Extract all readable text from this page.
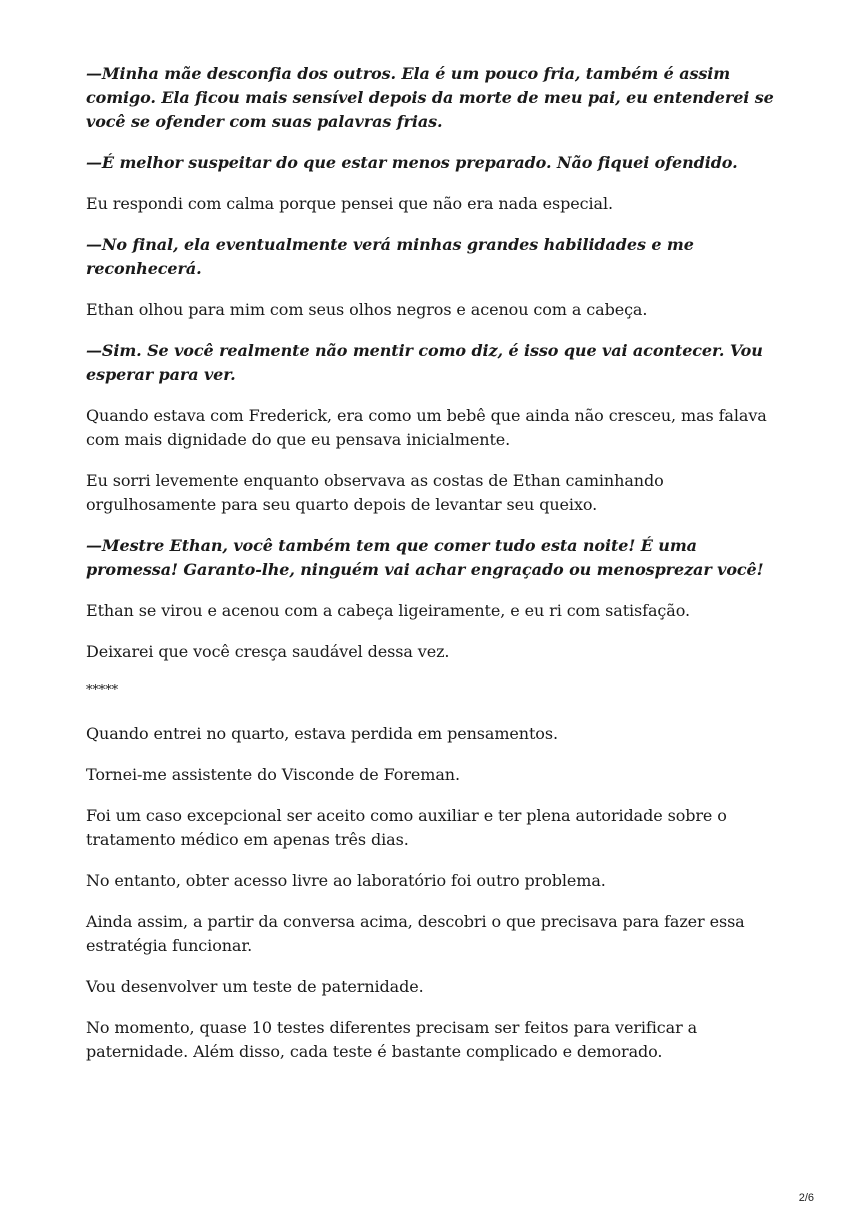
—Minha mãe desconfia dos outros. Ela é um pouco fria, também é assim comigo. Ela ficou mais sensível depois da morte de meu pai, eu entenderei se você se ofender com suas palavras frias.

—É melhor suspeitar do que estar menos preparado. Não fiquei ofendido.

Eu respondi com calma porque pensei que não era nada especial.

—No final, ela eventualmente verá minhas grandes habilidades e me reconhecerá.

Ethan olhou para mim com seus olhos negros e acenou com a cabeça.

—Sim. Se você realmente não mentir como diz, é isso que vai acontecer. Vou esperar para ver.

Quando estava com Frederick, era como um bebê que ainda não cresceu, mas falava com mais dignidade do que eu pensava inicialmente.

Eu sorri levemente enquanto observava as costas de Ethan caminhando orgulhosamente para seu quarto depois de levantar seu queixo.

—Mestre Ethan, você também tem que comer tudo esta noite! É uma promessa! Garanto-lhe, ninguém vai achar engraçado ou menosprezar você!

Ethan se virou e acenou com a cabeça ligeiramente, e eu ri com satisfação.

Deixarei que você cresça saudável dessa vez.

*****

Quando entrei no quarto, estava perdida em pensamentos.

Tornei-me assistente do Visconde de Foreman.

Foi um caso excepcional ser aceito como auxiliar e ter plena autoridade sobre o tratamento médico em apenas três dias.

No entanto, obter acesso livre ao laboratório foi outro problema.

Ainda assim, a partir da conversa acima, descobri o que precisava para fazer essa estratégia funcionar.

Vou desenvolver um teste de paternidade.

No momento, quase 10 testes diferentes precisam ser feitos para verificar a paternidade. Além disso, cada teste é bastante complicado e demorado.

2/6
